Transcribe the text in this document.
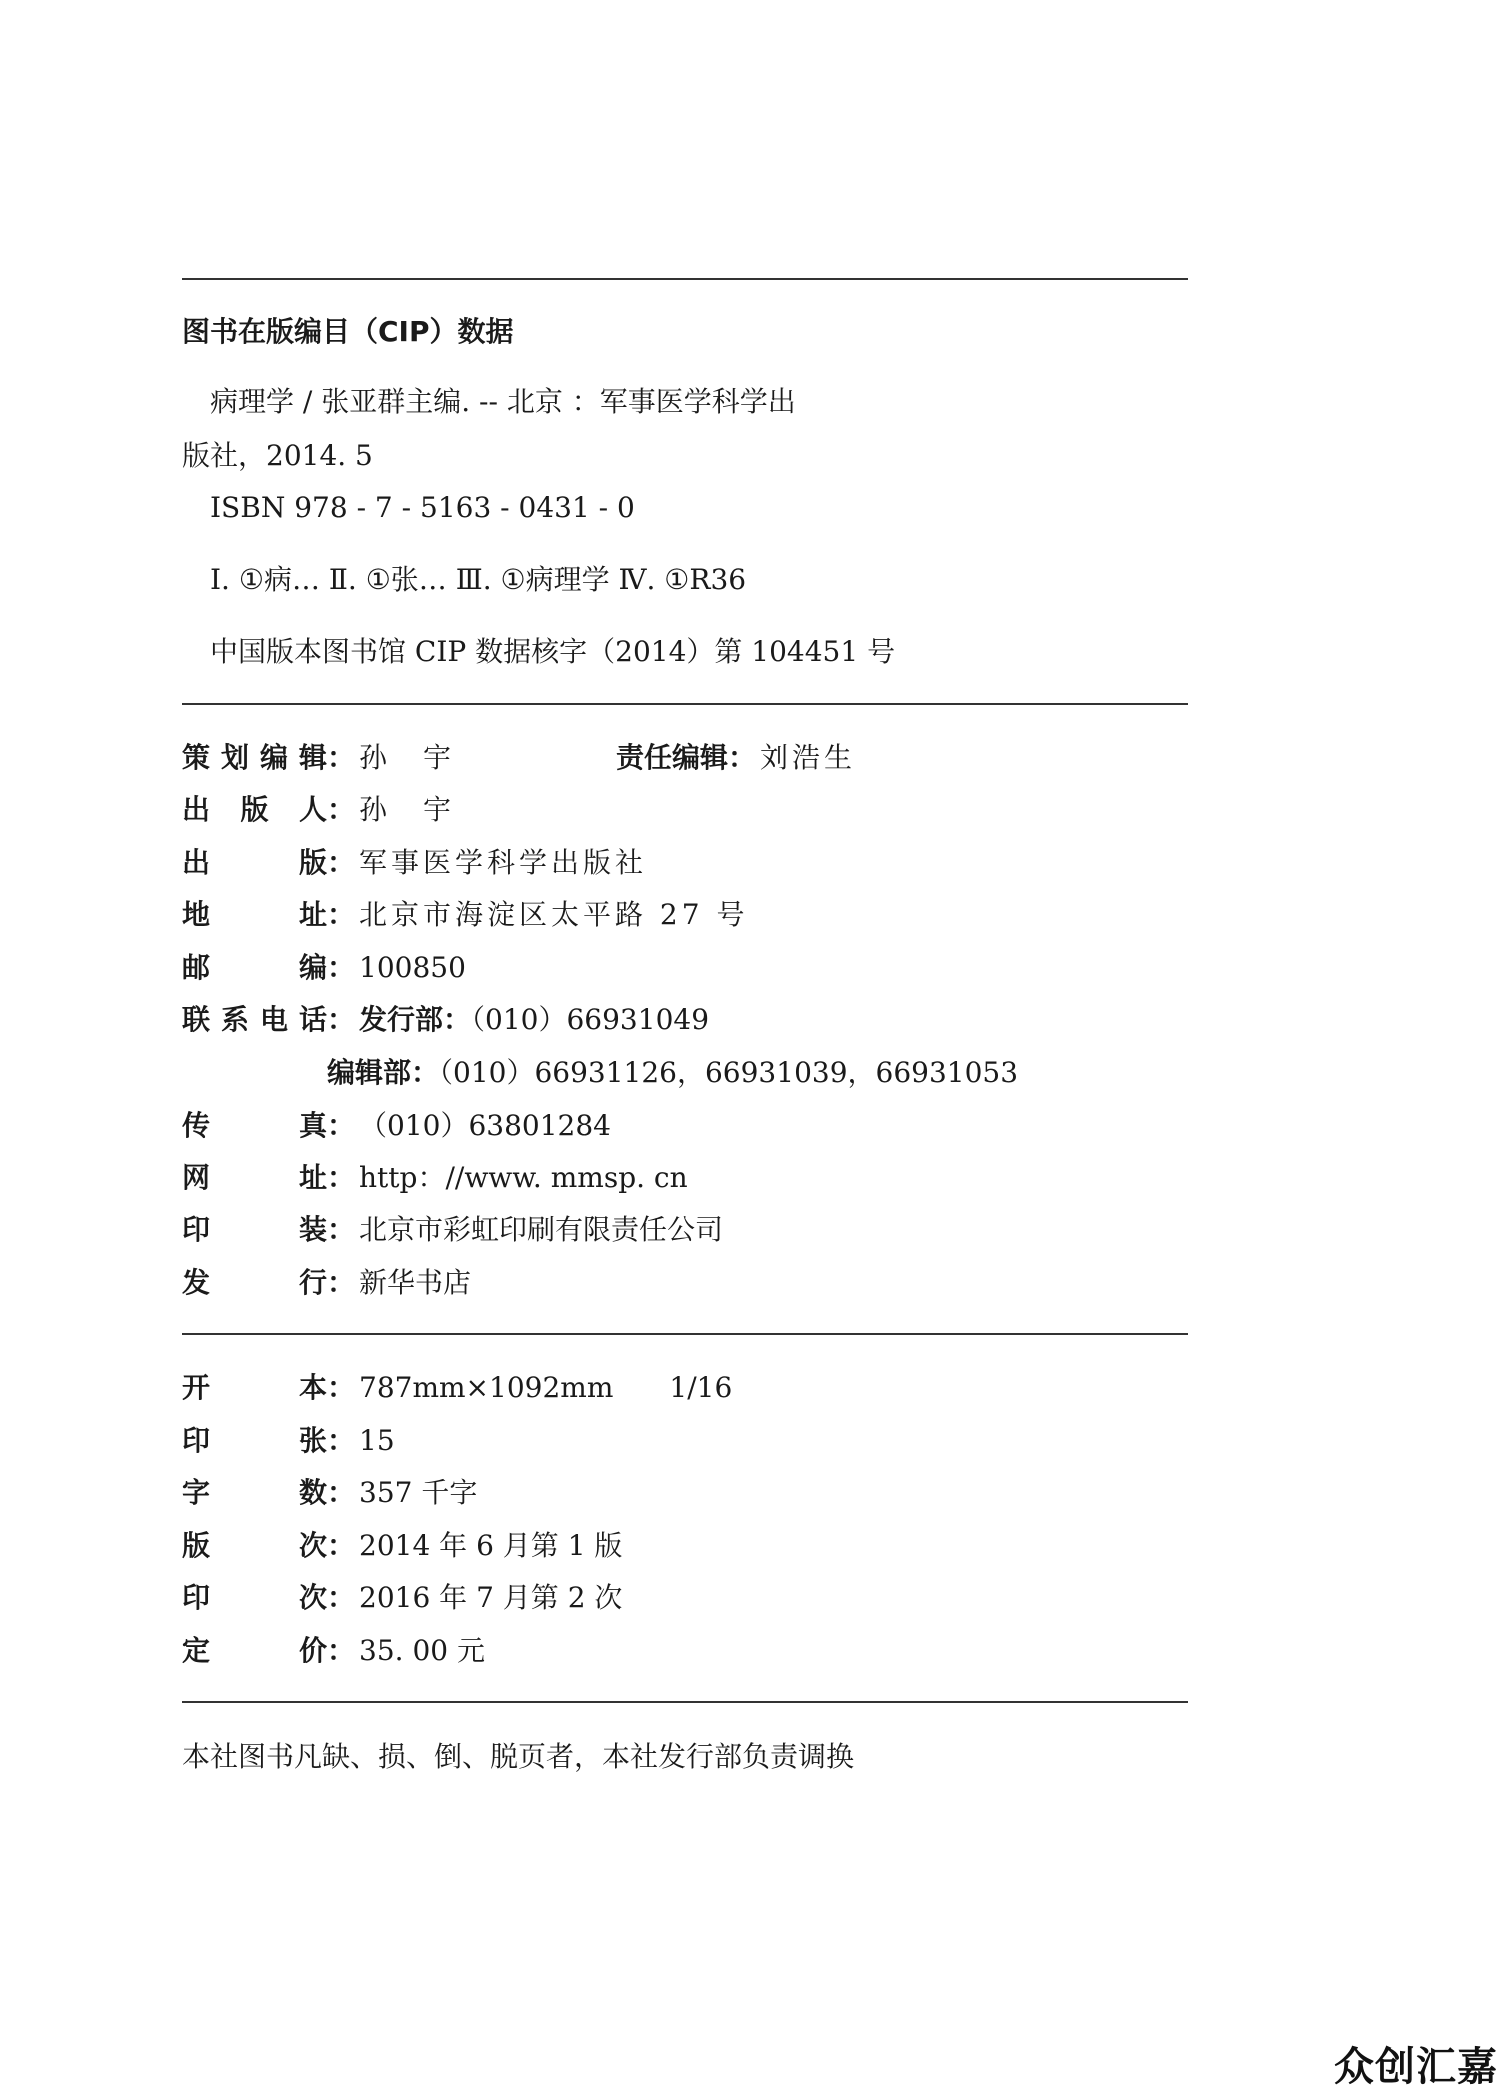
图书在版编目（CIP）数据
病理学 / 张亚群主编. -- 北京 ：军事医学科学出
版社，2014. 5
ISBN 978 - 7 - 5163 - 0431 - 0
Ⅰ. ①病… Ⅱ. ①张… Ⅲ. ①病理学 Ⅳ. ①R36
中国版本图书馆 CIP 数据核字（2014）第 104451 号
策划编辑： 孙　宇	责任编辑： 刘浩生
出版人： 孙　宇
出版： 军事医学科学出版社
地址： 北京市海淀区太平路 27 号
邮编： 100850
联系电话： 发行部：（010）66931049
编辑部：（010）66931126，66931039，66931053
传真： （010）63801284
网址： http：//www. mmsp. cn
印装： 北京市彩虹印刷有限责任公司
发行： 新华书店
开本： 787mm×1092mm 1/16
印张： 15
字数： 357 千字
版次： 2014 年 6 月第 1 版
印次： 2016 年 7 月第 2 次
定价： 35. 00 元
本社图书凡缺、损、倒、脱页者，本社发行部负责调换
众创汇嘉
